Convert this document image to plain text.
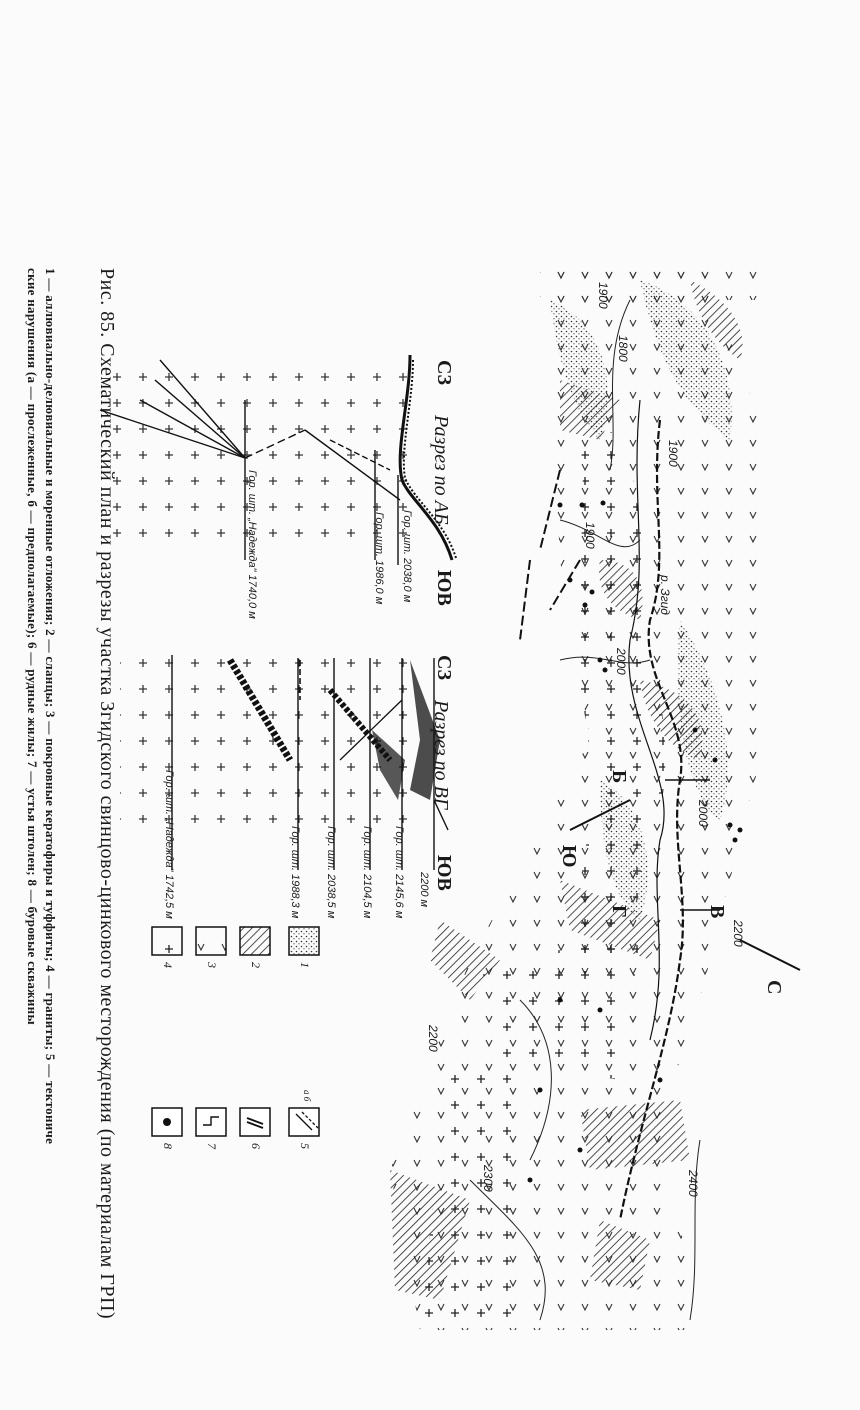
Разрез по АБ
СЗ
ЮВ
Гор. шт. 2038,0 м
Гор. шт. 1986,0 м
Гор. шт. „Надежда" 1740,0 м
Разрез по ВГ
СЗ
ЮВ
2200 м
Гор. шт. 2145,6 м
Гор. шт. 2104,5 м
Гор. шт. 2038,5 м
Гор. шт. 1988,3 м
Гор. шт. „Надежда" 1742,5 м
1900
1800
1900
1900
2000
2000
2200
2200
2300	2400
Б
В
Г
р. Згид
С
Ю
1
2
3
4
5
а б
6
7
8
Рис. 85. Схематический план и разрезы участка Згидского свинцово-цинкового месторождения (по материалам ГРП)
1 — аллювиально-делювиальные и моренные отложения; 2 — сланцы; 3 — покровные кератофиры и туффиты; 4 — граниты; 5 — тектониче
ские нарушения (а — прослеженные, б — предполагаемые); 6 — рудные жилы; 7 — устья штолен; 8 — буровые скважины
